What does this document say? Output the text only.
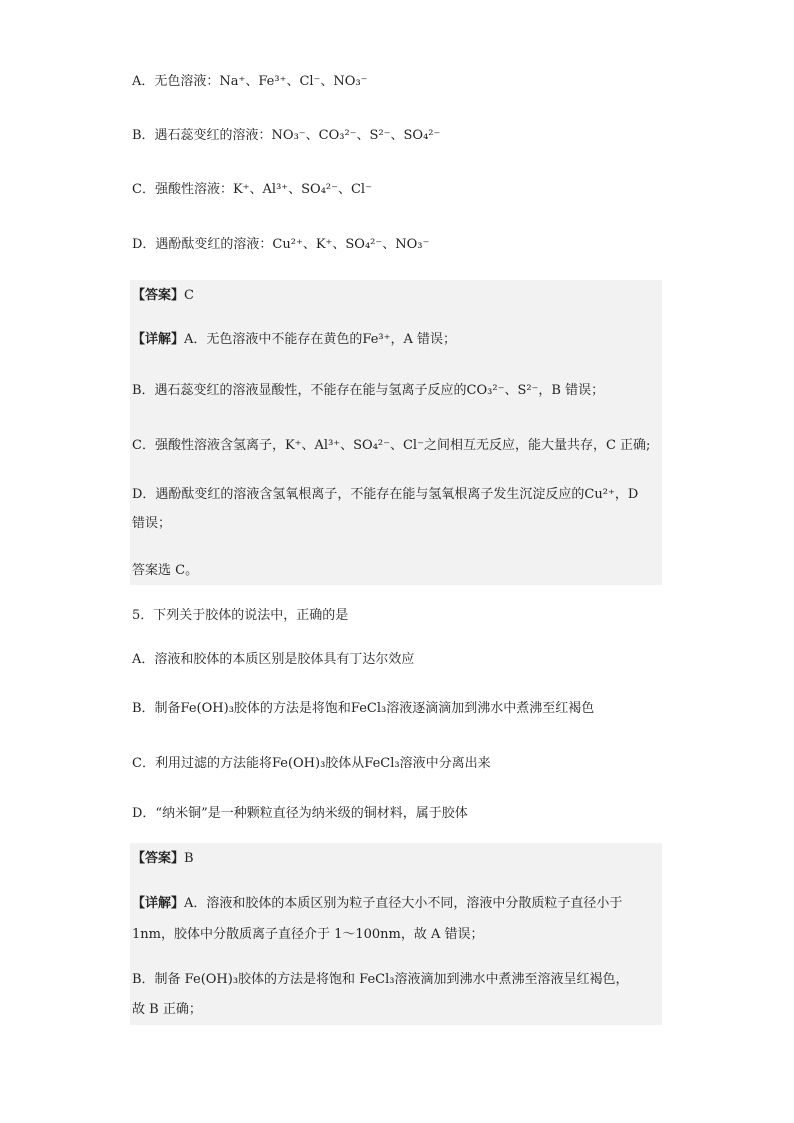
A．无色溶液：Na⁺、Fe³⁺、Cl⁻、NO₃⁻
B．遇石蕊变红的溶液：NO₃⁻、CO₃²⁻、S²⁻、SO₄²⁻
C．强酸性溶液：K⁺、Al³⁺、SO₄²⁻、Cl⁻
D．遇酚酞变红的溶液：Cu²⁺、K⁺、SO₄²⁻、NO₃⁻
【答案】C
【详解】A．无色溶液中不能存在黄色的Fe³⁺，A 错误；
B．遇石蕊变红的溶液显酸性，不能存在能与氢离子反应的CO₃²⁻、S²⁻，B 错误；
C．强酸性溶液含氢离子，K⁺、Al³⁺、SO₄²⁻、Cl⁻之间相互无反应，能大量共存，C 正确;
D．遇酚酞变红的溶液含氢氧根离子，不能存在能与氢氧根离子发生沉淀反应的Cu²⁺，D
错误；
答案选 C。
5．下列关于胶体的说法中，正确的是
A．溶液和胶体的本质区别是胶体具有丁达尔效应
B．制备Fe(OH)₃胶体的方法是将饱和FeCl₃溶液逐滴滴加到沸水中煮沸至红褐色
C．利用过滤的方法能将Fe(OH)₃胶体从FeCl₃溶液中分离出来
D．“纳米铜”是一种颗粒直径为纳米级的铜材料，属于胶体
【答案】B
【详解】A．溶液和胶体的本质区别为粒子直径大小不同，溶液中分散质粒子直径小于
1nm，胶体中分散质离子直径介于 1～100nm，故 A 错误；
B．制备 Fe(OH)₃胶体的方法是将饱和 FeCl₃溶液滴加到沸水中煮沸至溶液呈红褐色，
故 B 正确；
